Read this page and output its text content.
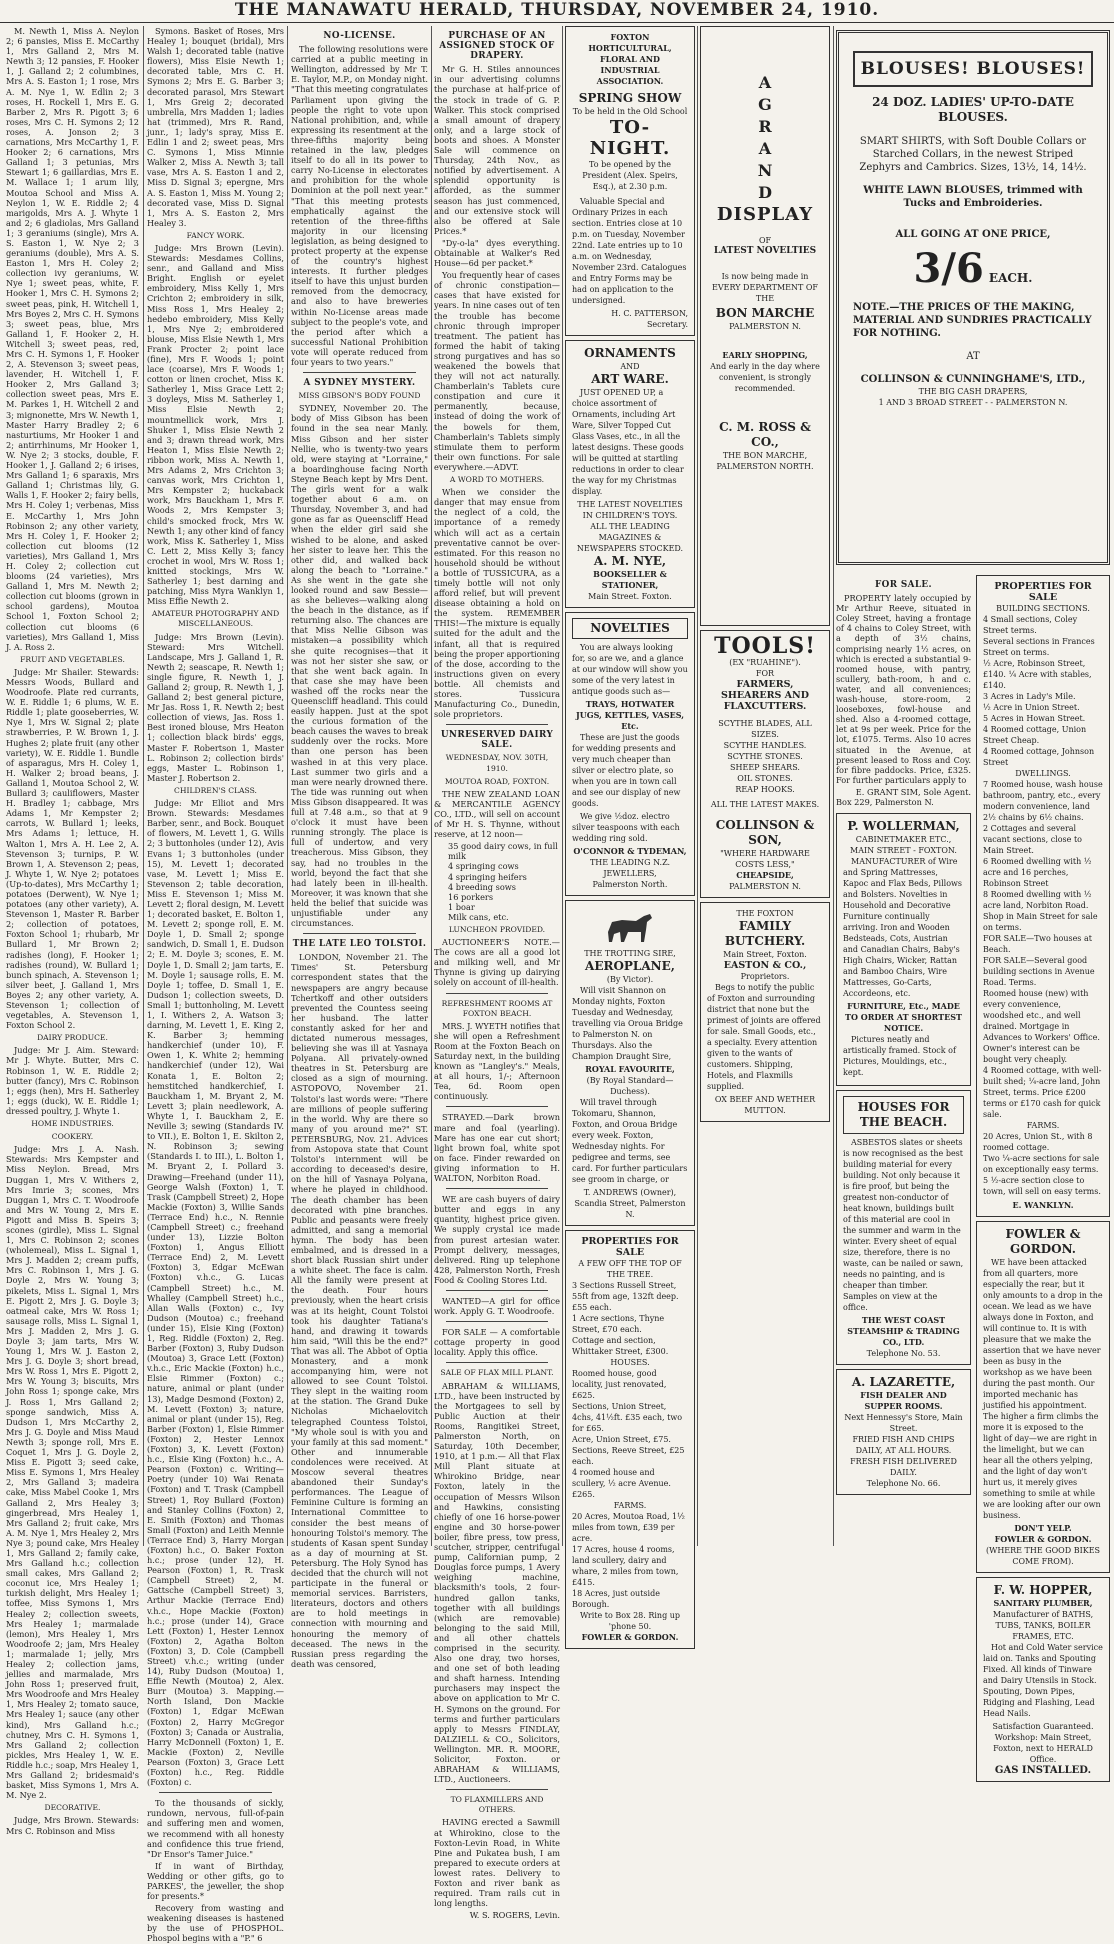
THE MANAWATU HERALD, THURSDAY, NOVEMBER 24, 1910.

M. Newth 1, Miss A. Neylon 2; 6 pansies, Miss E. McCarthy 1, Mrs Galland 2, Mrs M. Newth 3; 12 pansies, F. Hooker 1, J. Galland 2; 2 columbines, Mrs A. S. Easton 1; 1 rose, Mrs A. M. Nye 1, W. Edlin 2; 3 roses, H. Rockell 1, Mrs E. G. Barber 2, Mrs R. Pigott 3; 6 roses, Mrs C. H. Symons 2; 12 roses, A. Jonson 2; 3 carnations, Mrs McCarthy 1, F. Hooker 2; 6 carnations, Mrs Galland 1; 3 petunias, Mrs Stewart 1; 6 gaillardias, Mrs E. M. Wallace 1; 1 arum lily, Moutoa School and Miss A. Neylon 1, W. E. Riddle 2; 4 marigolds, Mrs A. J. Whyte 1 and 2; 6 gladiolas, Mrs Galland 1; 3 geraniums (single), Mrs A. S. Easton 1, W. Nye 2; 3 geraniums (double), Mrs A. S. Easton 1, Mrs H. Coley 2; collection ivy geraniums, W. Nye 1; sweet peas, white, F. Hooker 1, Mrs C. H. Symons 2; sweet peas, pink, H. Witchell 1, Mrs Boyes 2, Mrs C. H. Symons 3; sweet peas, blue, Mrs Galland 1, F. Hooker 2, H. Witchell 3; sweet peas, red, Mrs C. H. Symons 1, F. Hooker 2, A. Stevenson 3; sweet peas, lavender, H. Witchell 1, F. Hooker 2, Mrs Galland 3; collection sweet peas, Mrs E. M. Parkes 1, H. Witchell 2 and 3; mignonette, Mrs W. Newth 1, Master Harry Bradley 2; 6 nasturtiums, Mr Hooker 1 and 2; antirrhinums, Mr Hooker 1, W. Nye 2; 3 stocks, double, F. Hooker 1, J. Galland 2; 6 irises, Mrs Galland 1; 6 sparaxis, Mrs Galland 1; Christmas lily, G. Walls 1, F. Hooker 2; fairy bells, Mrs H. Coley 1; verbenas, Miss E. McCarthy 1, Mrs John Robinson 2; any other variety, Mrs H. Coley 1, F. Hooker 2; collection cut blooms (12 varieties), Mrs Galland 1, Mrs H. Coley 2; collection cut blooms (24 varieties), Mrs Galland 1, Mrs M. Newth 2; collection cut blooms (grown in school gardens), Moutoa School 1, Foxton School 2; collection cut blooms (6 varieties), Mrs Galland 1, Miss J. A. Ross 2.

FRUIT AND VEGETABLES.

Judge: Mr Shailer. Stewards: Messrs Woods, Bullard and Woodroofe. Plate red currants, W. E. Riddle 1; 6 plums, W. E. Riddle 1; plate gooseberries, W. Nye 1, Mrs W. Signal 2; plate strawberries, P. W. Brown 1, J. Hughes 2; plate fruit (any other variety), W. E. Riddle 1. Bundle of asparagus, Mrs H. Coley 1, H. Walker 2; broad beans, J. Galland 1, Moutoa School 2, W. Bullard 3; cauliflowers, Master H. Bradley 1; cabbage, Mrs Adams 1, Mr Kempster 2; carrots, W. Bullard 1; leeks, Mrs Adams 1; lettuce, H. Walton 1, Mrs A. H. Lee 2, A. Stevenson 3; turnips, P. W. Brown 1, A. Stevenson 2; peas, J. Whyte 1, W. Nye 2; potatoes (Up-to-dates), Mrs McCarthy 1; potatoes (Derwent), W. Nye 1; potatoes (any other variety), A. Stevenson 1, Master R. Barber 2; collection of potatoes, Foxton School 1; rhubarb, Mr Bullard 1, Mr Brown 2; radishes (long), F. Hooker 1; radishes (round), W. Bullard 1; bunch spinach, A. Stevenson 1; silver beet, J. Galland 1, Mrs Boyes 2; any other variety, A. Stevenson 1; collection of vegetables, A. Stevenson 1, Foxton School 2.

DAIRY PRODUCE.

Judge: Mr J. Aim. Steward: Mr J. Whyte. Butter, Mrs C. Robinson 1, W. E. Riddle 2; butter (fancy), Mrs C. Robinson 1; eggs (hen), Mrs H. Satherley 1; eggs (duck), W. E. Riddle 1; dressed poultry, J. Whyte 1.

HOME INDUSTRIES.
COOKERY.

Judge: Mrs J. A. Nash. Stewards: Mrs Kempster and Miss Neylon. Bread, Mrs Duggan 1, Mrs V. Withers 2, Mrs Imrie 3; scones, Mrs Duggan 1, Mrs C. T. Woodroofe and Mrs W. Young 2, Mrs E. Pigott and Miss B. Speirs 3; scones (girdle), Miss L. Signal 1, Mrs C. Robinson 2; scones (wholemeal), Miss L. Signal 1, Mrs J. Madden 2; cream puffs, Mrs C. Robinson 1, Mrs J. G. Doyle 2, Mrs W. Young 3; pikelets, Miss L. Signal 1, Mrs E. Pigott 2, Mrs J. G. Doyle 3; oatmeal cake, Mrs W. Ross 1; sausage rolls, Miss L. Signal 1, Mrs J. Madden 2, Mrs J. G. Doyle 3; jam tarts, Mrs W. Young 1, Mrs W. J. Easton 2, Mrs J. G. Doyle 3; short bread, Mrs W. Ross 1, Mrs E. Pigott 2, Mrs W. Young 3; biscuits, Mrs John Ross 1; sponge cake, Mrs J. Ross 1, Mrs Galland 2; sponge sandwich, Miss A. Dudson 1, Mrs McCarthy 2, Mrs J. G. Doyle and Miss Maud Newth 3; sponge roll, Mrs E. Coquet 1, Mrs J. G. Doyle 2, Miss E. Pigott 3; seed cake, Miss E. Symons 1, Mrs Healey 2, Mrs Galland 3; madeira cake, Miss Mabel Cooke 1, Mrs Galland 2, Mrs Healey 3; gingerbread, Mrs Healey 1, Mrs Galland 2; fruit cake, Mrs A. M. Nye 1, Mrs Healey 2, Mrs Nye 3; pound cake, Mrs Healey 1, Mrs Galland 2; family cake, Mrs Galland h.c.; collection small cakes, Mrs Galland 2; coconut ice, Mrs Healey 1; turkish delight, Mrs Healey 1; toffee, Miss Symons 1, Mrs Healey 2; collection sweets, Mrs Healey 1; marmalade (lemon), Mrs Healey 1, Mrs Woodroofe 2; jam, Mrs Healey 1; marmalade 1; jelly, Mrs Healey 2; collection jams, jellies and marmalade, Mrs John Ross 1; preserved fruit, Mrs Woodroofe and Mrs Healey 1, Mrs Healey 2; tomato sauce, Mrs Healey 1; sauce (any other kind), Mrs Galland h.c.; chutney, Mrs C. H. Symons 1, Mrs Galland 2; collection pickles, Mrs Healey 1, W. E. Riddle h.c.; soap, Mrs Healey 1, Mrs Galland 2; bridesmaid's basket, Miss Symons 1, Mrs A. M. Nye 2.

DECORATIVE.

Judge, Mrs Brown. Stewards: Mrs C. Robinson and Miss

Symons. Basket of Roses, Mrs Healey 1; bouquet (bridal), Mrs Walsh 1; decorated table (native flowers), Miss Elsie Newth 1; decorated table, Mrs C. H. Symons 2; Mrs E. G. Barber 3; decorated parasol, Mrs Stewart 1, Mrs Greig 2; decorated umbrella, Mrs Madden 1; ladies hat (trimmed), Mrs R. Rand, junr., 1; lady's spray, Miss E. Edlin 1 and 2; sweet peas, Mrs C. Symons 1, Miss Minnie Walker 2, Miss A. Newth 3; tall vase, Mrs A. S. Easton 1 and 2, Miss D. Signal 3; epergne, Mrs A. S. Easton 1, Miss M. Young 2; decorated vase, Miss D. Signal 1, Mrs A. S. Easton 2, Mrs Healey 3.

FANCY WORK.

Judge: Mrs Brown (Levin). Stewards: Mesdames Collins, senr., and Galland and Miss Bright. English or eyelet embroidery, Miss Kelly 1, Mrs Crichton 2; embroidery in silk, Miss Ross 1, Mrs Healey 2; hedebo embroidery, Miss Kelly 1, Mrs Nye 2; embroidered blouse, Miss Elsie Newth 1, Mrs Frank Procter 2; point lace (fine), Mrs F. Woods 1; point lace (coarse), Mrs F. Woods 1; cotton or linen crochet, Miss K. Satherley 1, Miss Grace Lett 2; 3 doyleys, Miss M. Satherley 1, Miss Elsie Newth 2; mountmellick work, Mrs J. Shuker 1, Miss Elsie Newth 2 and 3; drawn thread work, Mrs Heaton 1, Miss Elsie Newth 2; ribbon work, Miss A. Newth 1, Mrs Adams 2, Mrs Crichton 3; canvas work, Mrs Crichton 1, Mrs Kempster 2; huckaback work, Mrs Bauckham 1, Mrs F. Woods 2, Mrs Kempster 3; child's smocked frock, Mrs W. Newth 1; any other kind of fancy work, Miss K. Satherley 1, Miss C. Lett 2, Miss Kelly 3; fancy crochet in wool, Mrs W. Ross 1; knitted stockings, Mrs W. Satherley 1; best darning and patching, Miss Myra Wanklyn 1, Miss Effie Newth 2.

AMATEUR PHOTOGRAPHY AND MISCELLANEOUS.

Judge: Mrs Brown (Levin). Steward: Mrs Witchell. Landscape, Mrs J. Galland 1, R. Newth 2; seascape, R. Newth 1; single figure, R. Newth 1, J. Galland 2; group, R. Newth 1, J. Galland 2; best general picture, Mr Jas. Ross 1, R. Newth 2; best collection of views, Jas. Ross 1. Best ironed blouse, Mrs Heaton 1; collection black birds' eggs, Master F. Robertson 1, Master L. Robinson 2; collection birds' eggs, Master L. Robinson 1, Master J. Robertson 2.

CHILDREN'S CLASS.

Judge: Mr Elliot and Mrs Brown. Stewards: Mesdames Barber, senr., and Bock. Bouquet of flowers, M. Levett 1, G. Wills 2; 3 buttonholes (under 12), Avis Evans 1; 3 buttonholes (under 15), M. Levett 1; decorated vase, M. Levett 1; Miss E. Stevenson 2; table decoration, Miss E. Stevenson 1; Miss M. Levett 2; floral design, M. Levett 1; decorated basket, E. Bolton 1, M. Levett 2; sponge roll, E. M. Doyle 1, D. Small 2; sponge sandwich, D. Small 1, E. Dudson 2; E. M. Doyle 3; scones, E. M. Doyle 1, D. Small 2; jam tarts, E. M. Doyle 1; sausage rolls, E. M. Doyle 1; toffee, D. Small 1, E. Dudson 1; collection sweets, D. Small 1; buttonholing, M. Levett 1, I. Withers 2, A. Watson 3; darning, M. Levett 1, E. King 2, K. Barber 3; hemming handkerchief (under 10), F. Owen 1, K. White 2; hemming handkerchief (under 12), Wai Konata 1, E. Bolton 2; hemstitched handkerchief, I. Bauckham 1, M. Bryant 2, M. Levett 3; plain needlework, A. Whyte 1, I. Bauckham 2, E. Neville 3; sewing (Standards IV. to VII.), E. Bolton 1, E. Skilton 2, N. Robinson 3; sewing (Standards I. to III.), L. Bolton 1, M. Bryant 2, I. Pollard 3. Drawing—Freehand (under 11), George Walsh (Foxton) 1, T. Trask (Campbell Street) 2, Hope Mackie (Foxton) 3, Willie Sands (Terrace End) h.c., N. Rennie (Campbell Street) c.; freehand (under 13), Lizzie Bolton (Foxton) 1, Angus Elliott (Terrace End) 2, M. Levett (Foxton) 3, Edgar McEwan (Foxton) v.h.c., G. Lucas (Campbell Street) h.c., M. Whalley (Campbell Street) h.c., Allan Walls (Foxton) c., Ivy Dudson (Moutoa) c.; freehand (under 15), Elsie King (Foxton) 1, Reg. Riddle (Foxton) 2, Reg. Barber (Foxton) 3, Ruby Dudson (Moutoa) 3, Grace Lett (Foxton) v.h.c., Eric Mackie (Foxton) h.c., Elsie Rimmer (Foxton) c.; nature, animal or plant (under 13), Madge Desmond (Foxton) 2, M. Levett (Foxton) 3; nature, animal or plant (under 15), Reg. Barber (Foxton) 1, Elsie Rimmer (Foxton) 2, Hester Lennox (Foxton) 3, K. Levett (Foxton) h.c., Elsie King (Foxton) h.c., A. Pearson (Foxton) c. Writing—Poetry (under 10) Wai Renata (Foxton) and T. Trask (Campbell Street) 1, Roy Bullard (Foxton) and Stanley Collins (Foxton) 2, E. Smith (Foxton) and Thomas Small (Foxton) and Leith Mennie (Terrace End) 3, Harry Morgan (Foxton) h.c., O. Baker Foxton h.c.; prose (under 12), H. Pearson (Foxton) 1, R. Trask (Campbell Street) 2, M. Gattsche (Campbell Street) 3, Arthur Mackie (Terrace End) v.h.c., Hope Mackie (Foxton) h.c.; prose (under 14), Grace Lett (Foxton) 1, Hester Lennox (Foxton) 2, Agatha Bolton (Foxton) 3, D. Cole (Campbell Street) v.h.c.; writing (under 14), Ruby Dudson (Moutoa) 1, Effie Newth (Moutoa) 2, Alex. Burr (Moutoa) 3. Mapping.—North Island, Don Mackie (Foxton) 1, Edgar McEwan (Foxton) 2, Harry McGregor (Foxton) 3; Canada or Australia, Harry McDonnell (Foxton) 1, E. Mackie (Foxton) 2, Neville Pearson (Foxton) 3, Grace Lett (Foxton) h.c., Reg. Riddle (Foxton) c.

To the thousands of sickly, rundown, nervous, full-of-pain and suffering men and women, we recommend with all honesty and confidence this true friend, "Dr Ensor's Tamer Juice."

If in want of Birthday, Wedding or other gifts, go to PARKES', the jeweller, the shop for presents.*

Recovery from wasting and weakening diseases is hastened by the use of PHOSPHOL. Phospol begins with a "P." 6

NO-LICENSE.

The following resolutions were carried at a public meeting in Wellington, addressed by Mr T. E. Taylor, M.P., on Monday night. "That this meeting congratulates Parliament upon giving the people the right to vote upon National prohibition, and, while expressing its resentment at the three-fifths majority being retained in the law, pledges itself to do all in its power to carry No-License in electorates and prohibition for the whole Dominion at the poll next year." "That this meeting protests emphatically against the retention of the three-fifths majority in our licensing legislation, as being designed to protect property at the expense of the country's highest interests. It further pledges itself to have this unjust burden removed from the democracy, and also to have breweries within No-License areas made subject to the people's vote, and the period after which a successful National Prohibition vote will operate reduced from four years to two years."

A SYDNEY MYSTERY.
MISS GIBSON'S BODY FOUND

SYDNEY, November 20. The body of Miss Gibson has been found in the sea near Manly. Miss Gibson and her sister Nellie, who is twenty-two years old, were staying at "Lorraine," a boardinghouse facing North Steyne Beach kept by Mrs Dent. The girls went for a walk together about 6 a.m. on Thursday, November 3, and had gone as far as Queenscliff Head when the elder girl said she wished to be alone, and asked her sister to leave her. This the other did, and walked back along the beach to "Lorraine." As she went in the gate she looked round and saw Bessie—as she believes—walking along the beach in the distance, as if returning also. The chances are that Miss Nellie Gibson was mistaken—a possibility which she quite recognises—that it was not her sister she saw, or that she went back again. In that case she may have been washed off the rocks near the Queenscliff headland. This could easily happen. Just at the spot the curious formation of the beach causes the waves to break suddenly over the rocks. More than one person has been washed in at this very place. Last summer two girls and a man were nearly drowned there. The tide was running out when Miss Gibson disappeared. It was full at 7.48 a.m., so that at 9 o'clock it must have been running strongly. The place is full of undertow, and very treacherous. Miss Gibson, they say, had no troubles in the world, beyond the fact that she had lately been in ill-health. Moreover, it was known that she held the belief that suicide was unjustifiable under any circumstances.

THE LATE LEO TOLSTOI.

LONDON, November 21. The Times' St. Petersburg correspondent states that the newspapers are angry because Tchertkoff and other outsiders prevented the Countess seeing her husband. The latter constantly asked for her and dictated numerous messages, believing she was ill at Yasnaya Polyana. All privately-owned theatres in St. Petersburg are closed as a sign of mourning. ASTOPOVO, November 21. Tolstoi's last words were: "There are millions of people suffering in the world. Why are there so many of you around me?" ST. PETERSBURG, Nov. 21. Advices from Astopova state that Count Tolstoi's internment will be according to deceased's desire, on the hill of Yasnaya Polyana, where he played in childhood. The death chamber has been decorated with pine branches. Public and peasants were freely admitted, and sang a memorial hymn. The body has been embalmed, and is dressed in a short black Russian shirt under a white sheet. The face is calm. All the family were present at the death. Four hours previously, when the heart crisis was at its height, Count Tolstoi took his daughter Tatiana's hand, and drawing it towards him said, "Will this be the end?" That was all. The Abbot of Optia Monastery, and a monk accompanying him, were not allowed to see Count Tolstoi. They slept in the waiting room at the station. The Grand Duke Nicholas Michaelovitch telegraphed Countess Tolstoi, "My whole soul is with you and your family at this sad moment." Other and innumerable condolences were received. At Moscow several theatres abandoned their Sunday's performances. The League of Feminine Culture is forming an International Committee to consider the best means of honouring Tolstoi's memory. The students of Kasan spent Sunday as a day of mourning at St. Petersburg. The Holy Synod has decided that the church will not participate in the funeral or memorial services. Barristers, literateurs, doctors and others are to hold meetings in connection with mourning and honouring the memory of deceased. The news in the Russian press regarding the death was censored,

PURCHASE OF AN ASSIGNED STOCK OF DRAPERY.

Mr G. H. Stiles announces in our advertising columns the purchase at half-price of the stock in trade of G. P. Walker. This stock comprised a small amount of drapery only, and a large stock of boots and shoes. A Monster Sale will commence on Thursday, 24th Nov., as notified by advertisement. A splendid opportunity is afforded, as the summer season has just commenced, and our extensive stock will also be offered at Sale Prices.*

"Dy-o-la" dyes everything. Obtainable at Walker's Red House—6d per packet.*

You frequently hear of cases of chronic constipation—cases that have existed for years. In nine cases out of ten the trouble has become chronic through improper treatment. The patient has formed the habit of taking strong purgatives and has so weakened the bowels that they will not act naturally. Chamberlain's Tablets cure constipation and cure it permanently, because, instead of doing the work of the bowels for them, Chamberlain's Tablets simply stimulate them to perform their own functions. For sale everywhere.—ADVT.

A WORD TO MOTHERS.

When we consider the danger that may ensue from the neglect of a cold, the importance of a remedy which will act as a certain preventative cannot be over-estimated. For this reason no household should be without a bottle of TUSSICURA, as a timely bottle will not only afford relief, but will prevent disease obtaining a hold on the system. REMEMBER THIS!—The mixture is equally suited for the adult and the infant, all that is required being the proper apportioning of the dose, according to the instructions given on every bottle. All chemists and stores. Tussicura Manufacturing Co., Dunedin, sole proprietors.

UNRESERVED DAIRY SALE.
WEDNESDAY, NOV. 30TH, 1910.
MOUTOA ROAD, FOXTON.

THE NEW ZEALAND LOAN & MERCANTILE AGENCY CO., LTD., will sell on account of Mr H. S. Thynne, without reserve, at 12 noon—

35 good dairy cows, in full milk
4 springing cows
4 springing heifers
4 breeding sows
16 porkers
1 boar
Milk cans, etc.
LUNCHEON PROVIDED.

AUCTIONEER'S NOTE.—The cows are all a good lot and milking well, and Mr Thynne is giving up dairying solely on account of ill-health.

REFRESHMENT ROOMS AT FOXTON BEACH.

MRS. J. WYETH notifies that she will open a Refreshment Room at the Foxton Beach on Saturday next, in the building known as "Langley's." Meals, at all hours, 1/-; Afternoon Tea, 6d. Room open continuously.

STRAYED.—Dark brown mare and foal (yearling). Mare has one ear cut short; light brown foal, white spot on face. Finder rewarded on giving information to H. WALTON, Norbiton Road.

WE are cash buyers of dairy butter and eggs in any quantity, highest price given. We supply crystal ice made from purest artesian water. Prompt delivery, messages, delivered. Ring up telephone 428, Palmerston North, Fresh Food & Cooling Stores Ltd.

WANTED—A girl for office work. Apply G. T. Woodroofe.

FOR SALE — A comfortable cottage property in good locality. Apply this office.

SALE OF FLAX MILL PLANT.

ABRAHAM & WILLIAMS, LTD., have been instructed by the Mortgagees to sell by Public Auction at their Rooms, Rangitikei Street, Palmerston North, on Saturday, 10th December, 1910, at 1 p.m.— All that Flax Mill Plant situate at Whirokino Bridge, near Foxton, lately in the occupation of Messrs Wilson and Hawkins, consisting chiefly of one 16 horse-power engine and 30 horse-power boiler, fibre press, tow press, scutcher, stripper, centrifugal pump, Californian pump, 2 Douglas force pumps, 1 Avery weighing machine, blacksmith's tools, 2 four-hundred gallon tanks, together with all buildings (which are removable) belonging to the said Mill, and all other chattels comprised in the security. Also one dray, two horses, and one set of both leading and shaft harness. Intending purchasers may inspect the above on application to Mr C. H. Symons on the ground. For terms and further particulars apply to Messrs FINDLAY, DALZIELL & CO., Solicitors, Wellington. MR. R. MOORE, Solicitor, Foxton. or ABRAHAM & WILLIAMS, LTD., Auctioneers.

TO FLAXMILLERS AND OTHERS.

HAVING erected a Sawmill at Whirokino, close to the Foxton-Levin Road, in White Pine and Pukatea bush, I am prepared to execute orders at lowest rates. Delivery to Foxton and river bank as required. Tram rails cut in long lengths.

W. S. ROGERS, Levin.
FOXTON HORTICULTURAL, FLORAL AND INDUSTRIAL ASSOCIATION.
SPRING SHOW
To be held in the Old School
TO-NIGHT.
To be opened by the President (Alex. Speirs, Esq.), at 2.30 p.m.

Valuable Special and Ordinary Prizes in each section. Entries close at 10 p.m. on Tuesday, November 22nd. Late entries up to 10 a.m. on Wednesday, November 23rd. Catalogues and Entry Forms may be had on application to the undersigned.

H. C. PATTERSON, Secretary.
ORNAMENTS
AND
ART WARE.

JUST OPENED UP, a choice assortment of Ornaments, including Art Ware, Silver Topped Cut Glass Vases, etc., in all the latest designs. These goods will be quitted at startling reductions in order to clear the way for my Christmas display.

THE LATEST NOVELTIES IN CHILDREN'S TOYS.
ALL THE LEADING MAGAZINES & NEWSPAPERS STOCKED.
A. M. NYE,
BOOKSELLER & STATIONER,
Main Street. Foxton.
NOVELTIES

You are always looking for, so are we, and a glance at our window will show you some of the very latest in antique goods such as—

TRAYS, HOTWATER JUGS, KETTLES, VASES, Etc.

These are just the goods for wedding presents and very much cheaper than silver or electro plate, so when you are in town call and see our display of new goods.

We give ½doz. electro silver teaspoons with each wedding ring sold.

O'CONNOR & TYDEMAN,
THE LEADING N.Z. JEWELLERS,
Palmerston North.
THE TROTTING SIRE,
AEROPLANE,
(By Victor).

Will visit Shannon on Monday nights, Foxton Tuesday and Wednesday, travelling via Oroua Bridge to Palmerston N. on Thursdays. Also the Champion Draught Sire,

ROYAL FAVOURITE,
(By Royal Standard—Duchess).

Will travel through Tokomaru, Shannon, Foxton, and Oroua Bridge every week. Foxton, Wednesday nights. For pedigree and terms, see card. For further particulars see groom in charge, or

T. ANDREWS (Owner), Scandia Street, Palmerston N.
PROPERTIES FOR SALE
A FEW OFF THE TOP OF THE TREE.
3 Sections Russell Street, 55ft from age, 132ft deep. £55 each.
1 Acre sections, Thyne Street, £70 each.
Cottage and section, Whittaker Street, £300.
HOUSES.
Roomed house, good locality, just renovated, £625.
Sections, Union Street, 4chs, 41½ft. £35 each, two for £65.
Acre, Union Street, £75.
Sections, Reeve Street, £25 each.
4 roomed house and scullery, ½ acre Avenue. £265.
FARMS.
20 Acres, Moutoa Road, 1½ miles from town, £39 per acre.
17 Acres, house 4 rooms, land scullery, dairy and whare, 2 miles from town, £415.
18 Acres, just outside Borough.
Write to Box 28. Ring up 'phone 50.
FOWLER & GORDON.
A
GRAND
DISPLAY
OF
LATEST NOVELTIES

Is now being made in EVERY DEPARTMENT OF THE

BON MARCHE
PALMERSTON N.
EARLY SHOPPING,

And early in the day where convenient, is strongly recommended.

C. M. ROSS & CO.,
THE BON MARCHE,
PALMERSTON NORTH.
TOOLS!
(EX "RUAHINE").
FOR
FARMERS, SHEARERS AND FLAXCUTTERS.
SCYTHE BLADES, ALL SIZES.
SCYTHE HANDLES.
SCYTHE STONES.
SHEEP SHEARS.
OIL STONES.
REAP HOOKS.
ALL THE LATEST MAKES.
COLLINSON & SON,
"WHERE HARDWARE COSTS LESS,"
CHEAPSIDE,
PALMERSTON N.
THE FOXTON
FAMILY BUTCHERY.
Main Street, Foxton.
EASTON & CO.,
Proprietors.

Begs to notify the public of Foxton and surrounding district that none but the primest of joints are offered for sale. Small Goods, etc., a specialty. Every attention given to the wants of customers. Shipping, Hotels, and Flaxmills supplied.

OX BEEF AND WETHER MUTTON.
BLOUSES! BLOUSES!
24 DOZ. LADIES' UP-TO-DATE BLOUSES.
SMART SHIRTS, with Soft Double Collars or Starched Collars, in the newest Striped Zephyrs and Cambrics. Sizes, 13½, 14, 14½.
WHITE LAWN BLOUSES, trimmed with Tucks and Embroideries.
ALL GOING AT ONE PRICE,
3/6 EACH.
NOTE.—THE PRICES OF THE MAKING, MATERIAL AND SUNDRIES PRACTICALLY FOR NOTHING.
AT
COLLINSON & CUNNINGHAME'S, LTD.,
THE BIG CASH DRAPERS,
1 AND 3 BROAD STREET - - PALMERSTON N.
FOR SALE.

PROPERTY lately occupied by Mr Arthur Reeve, situated in Coley Street, having a frontage of 4 chains to Coley Street, with a depth of 3½ chains, comprising nearly 1½ acres, on which is erected a substantial 9-roomed house, with pantry, scullery, bath-room, h and c. water, and all conveniences; wash-house, store-room, 2 looseboxes, fowl-house and shed. Also a 4-roomed cottage, let at 9s per week. Price for the lot, £1075. Terms. Also 10 acres situated in the Avenue, at present leased to Ross and Coy. for fibre paddocks. Price, £325. For further particulars apply to

E. GRANT SIM, Sole Agent.
Box 229, Palmerston N.
P. WOLLERMAN,
CABINETMAKER ETC.,
MAIN STREET - FOXTON.

MANUFACTURER of Wire and Spring Mattresses, Kapoc and Flax Beds, Pillows and Bolsters. Novelties in Household and Decorative Furniture continually arriving. Iron and Wooden Bedsteads, Cots, Austrian and Canadian Chairs, Baby's High Chairs, Wicker, Rattan and Bamboo Chairs, Wire Mattresses, Go-Carts, Accordeons, etc.

FURNITURE, Etc., MADE TO ORDER AT SHORTEST NOTICE.

Pictures neatly and artistically framed. Stock of Pictures, Mouldings, etc., kept.

HOUSES FOR THE BEACH.

ASBESTOS slates or sheets is now recognised as the best building material for every building. Not only because it is fire proof, but being the greatest non-conductor of heat known, buildings built of this material are cool in the summer and warm in the winter. Every sheet of equal size, therefore, there is no waste, can be nailed or sawn, needs no painting, and is cheaper than timber. Samples on view at the office.

THE WEST COAST STEAMSHIP & TRADING CO., LTD.
Telephone No. 53.
A. LAZARETTE,
FISH DEALER AND SUPPER ROOMS.
Next Hennessy's Store, Main Street.
FRIED FISH AND CHIPS DAILY, AT ALL HOURS.
FRESH FISH DELIVERED DAILY.
Telephone No. 66.
PROPERTIES FOR SALE
BUILDING SECTIONS.
4 Small sections, Coley Street terms.
Several sections in Frances Street on terms.
½ Acre, Robinson Street, £140. ¼ Acre with stables, £140.
3 Acres in Lady's Mile.
½ Acre in Union Street.
5 Acres in Howan Street.
4 Roomed cottage, Union Street Cheap.
4 Roomed cottage, Johnson Street
DWELLINGS.
7 Roomed house, wash house bathroom, pantry, etc., every modern convenience, land 2½ chains by 6½ chains.
2 Cottages and several vacant sections, close to Main Street.
6 Roomed dwelling with ½ acre and 16 perches, Robinson Street
8 Roomed dwelling with ½ acre land, Norbiton Road.
Shop in Main Street for sale on terms.
FOR SALE—Two houses at Beach.
FOR SALE—Several good building sections in Avenue Road. Terms.
Roomed house (new) with every convenience, woodshed etc., and well drained. Mortgage in Advances to Workers' Office. Owner's interest can be bought very cheaply.
4 Roomed cottage, with well-built shed; ¼-acre land, John Street, terms. Price £200 terms or £170 cash for quick sale.
FARMS.
20 Acres, Union St., with 8 roomed cottage.
Two ¼-acre sections for sale on exceptionally easy terms.
5 ½-acre section close to town, will sell on easy terms.
E. WANKLYN.
FOWLER & GORDON.

WE have been attacked from all quarters, more especially the rear, but it only amounts to a drop in the ocean. We lead as we have always done in Foxton, and will continue to. It is with pleasure that we make the assertion that we have never been as busy in the workshop as we have been during the past month. Our imported mechanic has justified his appointment. The higher a firm climbs the more it is exposed to the light of day—we are right in the limelight, but we can hear all the others yelping, and the light of day won't hurt us, it merely gives something to smile at while we are looking after our own business.

DON'T YELP.
FOWLER & GORDON.
(WHERE THE GOOD BIKES COME FROM).
F. W. HOPPER,
SANITARY PLUMBER,
Manufacturer of BATHS, TUBS, TANKS, BOILER FRAMES, ETC.

Hot and Cold Water service laid on. Tanks and Spouting Fixed. All kinds of Tinware and Dairy Utensils in Stock. Spouting, Down Pipes, Ridging and Flashing, Lead Head Nails.

Satisfaction Guaranteed.
Workshop: Main Street, Foxton, next to HERALD Office.
GAS INSTALLED.
